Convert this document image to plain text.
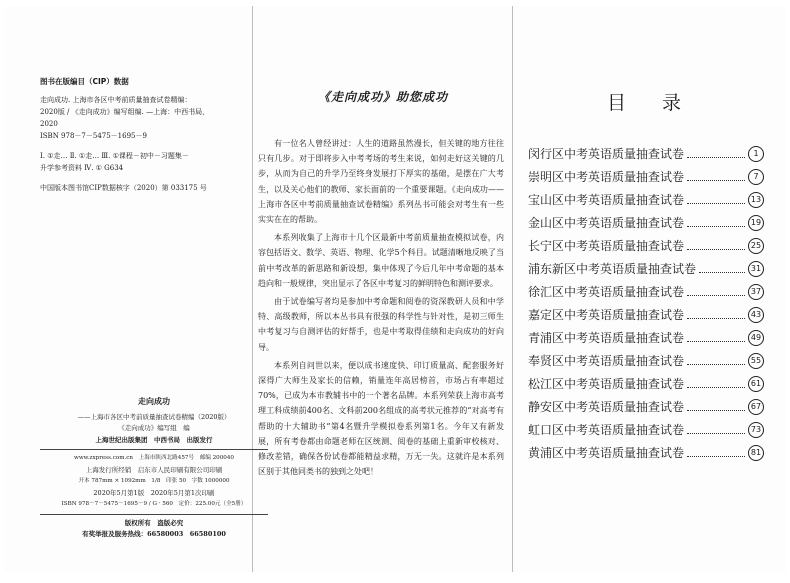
图书在版编目（CIP）数据

走向成功. 上海市各区中考前质量抽查试卷精编：

2020版 / 《走向成功》编写组编. —上海：中西书局，

2020

ISBN 978－7－5475－1695－9

Ⅰ. ①走… Ⅱ. ①走… Ⅲ. ①课程－初中－习题集－

升学参考资料 Ⅳ. ① G634

中国版本图书馆CIP数据核字（2020）第 033175 号

走向成功

——上海市各区中考前质量抽查试卷精编（2020版）

《走向成功》编写组　编

上海世纪出版集团　中西书局　出版发行

www.zxpress.com.cn　上海市陕西北路457号　邮编 200040

上海发行所经销　启东市人民印刷有限公司印刷

开本 787mm × 1092mm　1/8　印张 50　字数 1000000

2020年5月第1版　2020年5月第1次印刷

ISBN 978－7－5475－1695－9 / G · 560　定价：225.00元（全5册）

版权所有　盗版必究

有奖举报及服务热线：66580003　66580100

《走向成功》助您成功

有一位名人曾经讲过：人生的道路虽然漫长，但关键的地方往往只有几步。对于即将步入中考考场的考生来说，如何走好这关键的几步，从而为自己的升学乃至终身发展打下厚实的基础，是摆在广大考生，以及关心他们的教师、家长面前的一个重要课题。《走向成功——上海市各区中考前质量抽查试卷精编》系列丛书可能会对考生有一些实实在在的帮助。

本系列收集了上海市十几个区最新中考前质量抽查模拟试卷，内容包括语文、数学、英语、物理、化学5个科目。试题清晰地反映了当前中考改革的新思路和新设想，集中体现了今后几年中考命题的基本趋向和一般规律，突出显示了各区中考复习的鲜明特色和测评要求。

由于试卷编写者均是参加中考命题和阅卷的资深教研人员和中学特、高级教师，所以本丛书具有很强的科学性与针对性，是初三师生中考复习与自测评估的好帮手，也是中考取得佳绩和走向成功的好向导。

本系列自问世以来，便以成书速度快、印订质量高、配套服务好深得广大师生及家长的信赖，销量连年高居榜首，市场占有率超过70%，已成为本市教辅书中的一个著名品牌。本系列荣获上海市高考理工科成绩前400名、文科前200名组成的高考状元推荐的“对高考有帮助的十大辅助书”第4名暨升学模拟卷系列第1名。今年又有新发展，所有考卷都由命题老师在区统测、阅卷的基础上重新审校核对、修改差错，确保各份试卷都能精益求精，万无一失。这就许是本系列区别于其他同类书的独到之处吧！

目录
闵行区中考英语质量抽查试卷	1
崇明区中考英语质量抽查试卷	7
宝山区中考英语质量抽查试卷	13
金山区中考英语质量抽查试卷	19
长宁区中考英语质量抽查试卷	25
浦东新区中考英语质量抽查试卷	31
徐汇区中考英语质量抽查试卷	37
嘉定区中考英语质量抽查试卷	43
青浦区中考英语质量抽查试卷	49
奉贤区中考英语质量抽查试卷	55
松江区中考英语质量抽查试卷	61
静安区中考英语质量抽查试卷	67
虹口区中考英语质量抽查试卷	73
黄浦区中考英语质量抽查试卷	81
